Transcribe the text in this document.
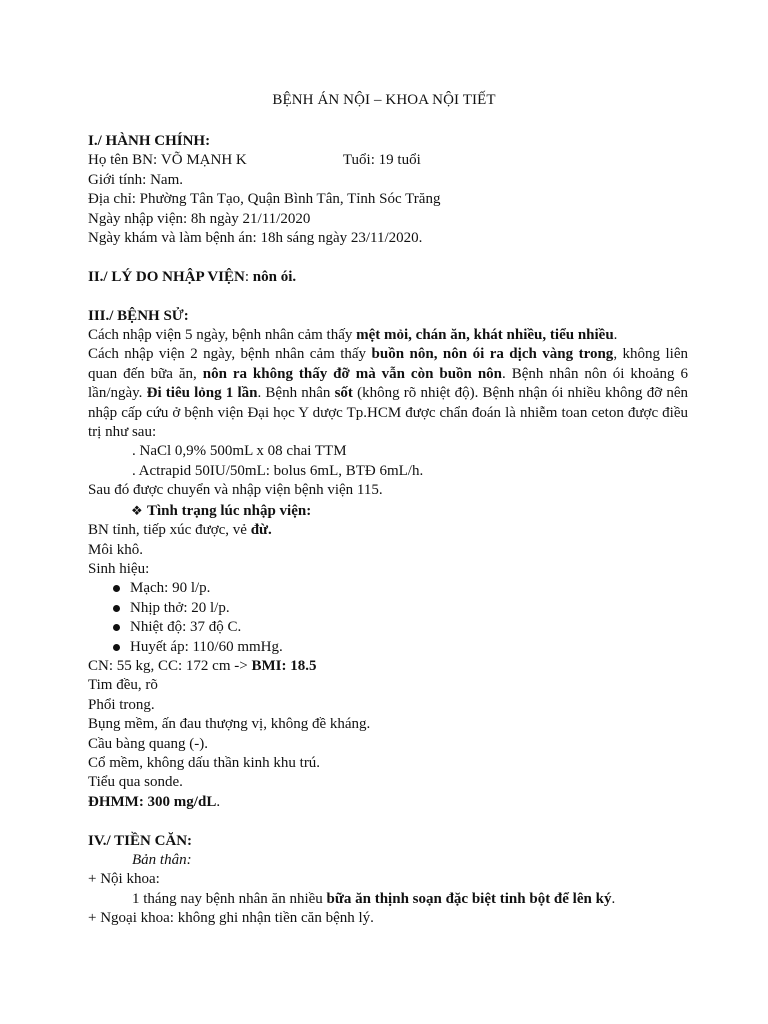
BỆNH ÁN NỘI – KHOA NỘI TIẾT

I./ HÀNH CHÍNH:

Họ tên BN: VÕ MẠNH K	Tuổi: 19 tuổi

Giới tính: Nam.

Địa chỉ: Phường Tân Tạo, Quận Bình Tân, Tỉnh Sóc Trăng

Ngày nhập viện: 8h ngày 21/11/2020

Ngày khám và làm bệnh án: 18h sáng ngày 23/11/2020.

II./ LÝ DO NHẬP VIỆN: nôn ói.

III./ BỆNH SỬ:

Cách nhập viện 5 ngày, bệnh nhân cảm thấy mệt mỏi, chán ăn, khát nhiều, tiểu nhiều.

Cách nhập viện 2 ngày, bệnh nhân cảm thấy buồn nôn, nôn ói ra dịch vàng trong, không liên quan đến bữa ăn, nôn ra không thấy đỡ mà vẫn còn buồn nôn. Bệnh nhân nôn ói khoảng 6 lần/ngày. Đi tiêu lỏng 1 lần. Bệnh nhân sốt (không rõ nhiệt độ). Bệnh nhận ói nhiều không đỡ nên nhập cấp cứu ở bệnh viện Đại học Y dược Tp.HCM được chẩn đoán là nhiễm toan ceton được điều trị như sau:

. NaCl 0,9% 500mL x 08 chai TTM

. Actrapid 50IU/50mL: bolus 6mL, BTĐ 6mL/h.

Sau đó được chuyển và nhập viện bệnh viện 115.

❖ Tình trạng lúc nhập viện:

BN tỉnh, tiếp xúc được, vẻ đừ.

Môi khô.

Sinh hiệu:

Mạch: 90 l/p.
Nhịp thở: 20 l/p.
Nhiệt độ: 37 độ C.
Huyết áp: 110/60 mmHg.

CN: 55 kg, CC: 172 cm -> BMI: 18.5

Tim đều, rõ

Phổi trong.

Bụng mềm, ấn đau thượng vị, không đề kháng.

Cầu bàng quang (-).

Cổ mềm, không dấu thần kinh khu trú.

Tiểu qua sonde.

ĐHMM: 300 mg/dL.

IV./ TIỀN CĂN:

Bản thân:

+ Nội khoa:

1 tháng nay bệnh nhân ăn nhiều bữa ăn thịnh soạn đặc biệt tinh bột để lên ký.

+ Ngoại khoa: không ghi nhận tiền căn bệnh lý.
